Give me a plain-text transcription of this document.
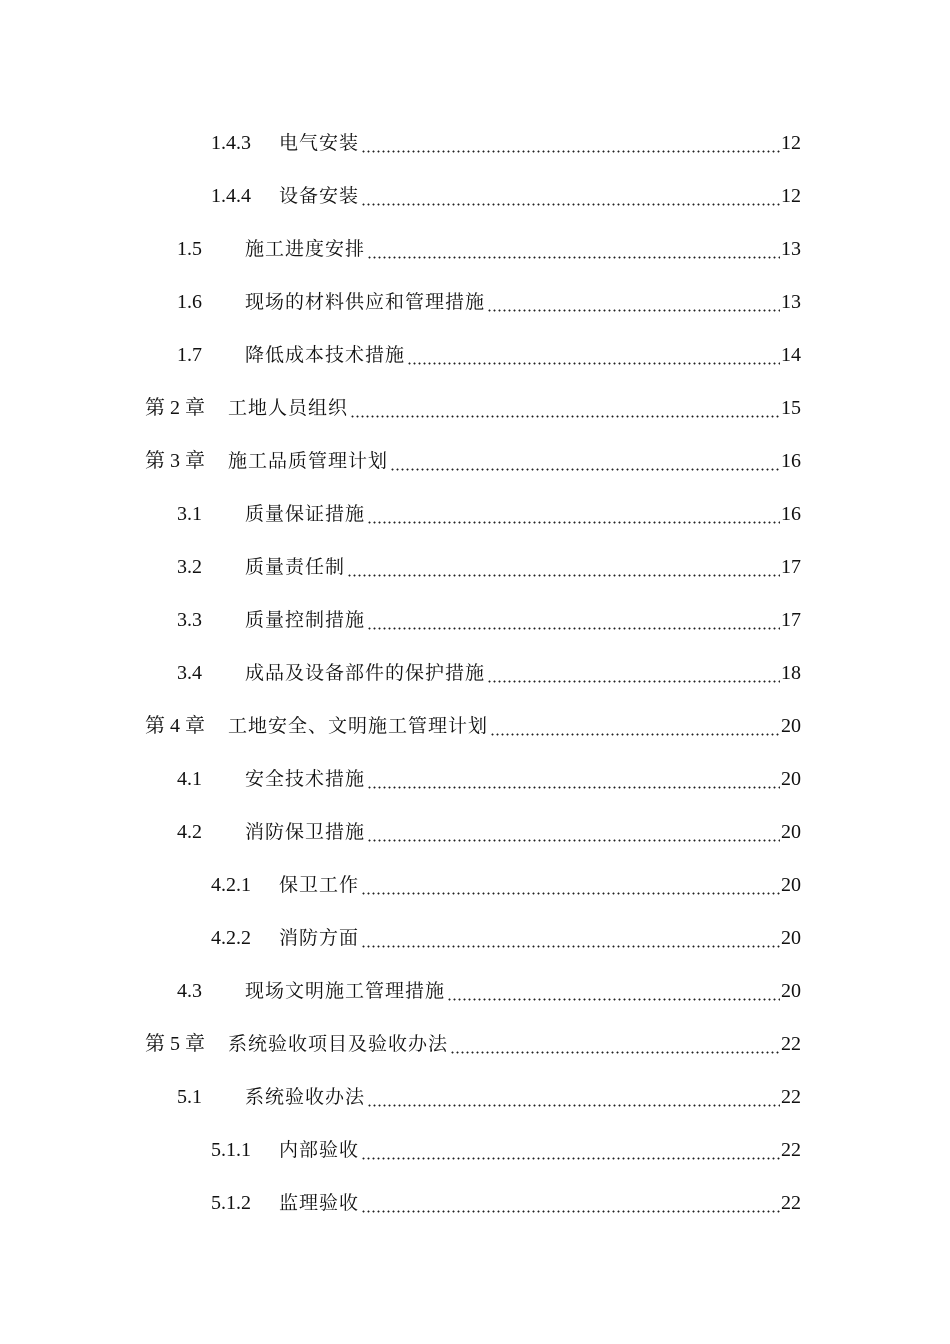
1.4.3	电气安装	12
1.4.4	设备安装	12
1.5	施工进度安排	13
1.6	现场的材料供应和管理措施	13
1.7	降低成本技术措施	14
第 2 章	工地人员组织	15
第 3 章	施工品质管理计划	16
3.1	质量保证措施	16
3.2	质量责任制	17
3.3	质量控制措施	17
3.4	成品及设备部件的保护措施	18
第 4 章	工地安全、文明施工管理计划	20
4.1	安全技术措施	20
4.2	消防保卫措施	20
4.2.1	保卫工作	20
4.2.2	消防方面	20
4.3	现场文明施工管理措施	20
第 5 章	系统验收项目及验收办法	22
5.1	系统验收办法	22
5.1.1	内部验收	22
5.1.2	监理验收	22
